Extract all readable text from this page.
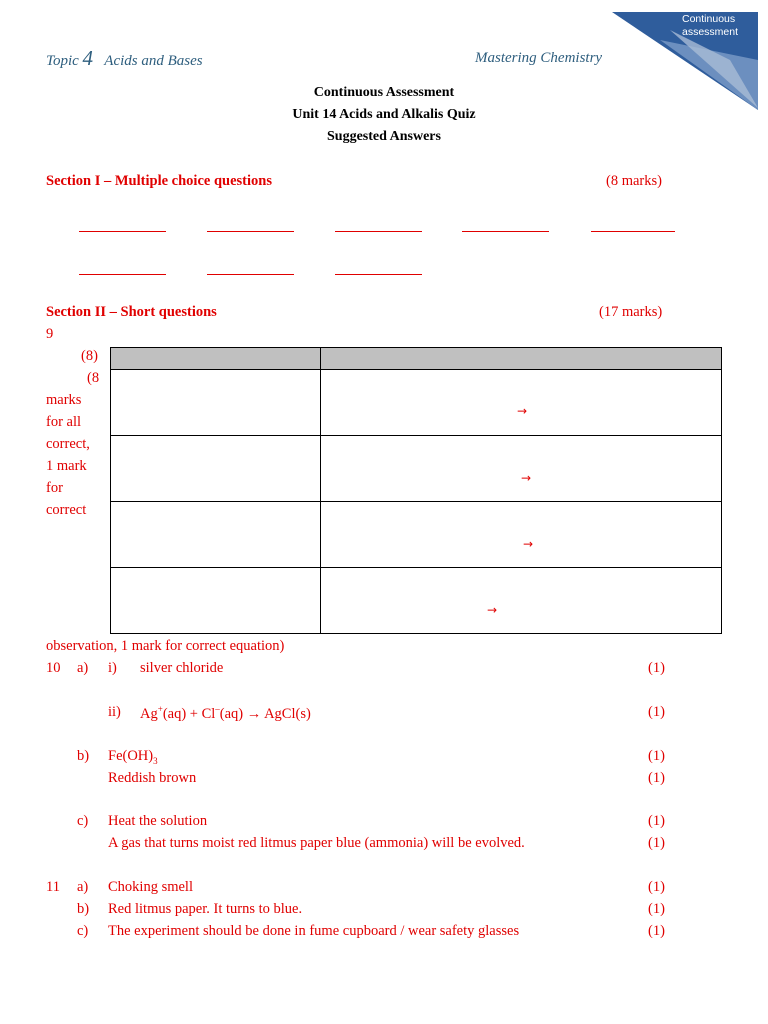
Continuous
assessment
Topic 4 Acids and Bases	Mastering Chemistry
Continuous Assessment
Unit 14 Acids and Alkalis Quiz
Suggested Answers
Section I – Multiple choice questions	(8 marks)
Section II – Short questions	(17 marks)
9
(8)
(8
marks
for all
correct,
1 mark
for
correct

	→

	→

	→

	→
observation, 1 mark for correct equation)
10 a) i) silver chloride	(1)
ii) Ag+(aq) + Cl–(aq) → AgCl(s)	(1)
b) $Fe(OH)_3$	(1)
Reddish brown	(1)
c) Heat the solution	(1)
A gas that turns moist red litmus paper blue (ammonia) will be evolved.	(1)
11 a) Choking smell	(1)
b) Red litmus paper. It turns to blue.	(1)
c) The experiment should be done in fume cupboard / wear safety glasses	(1)
